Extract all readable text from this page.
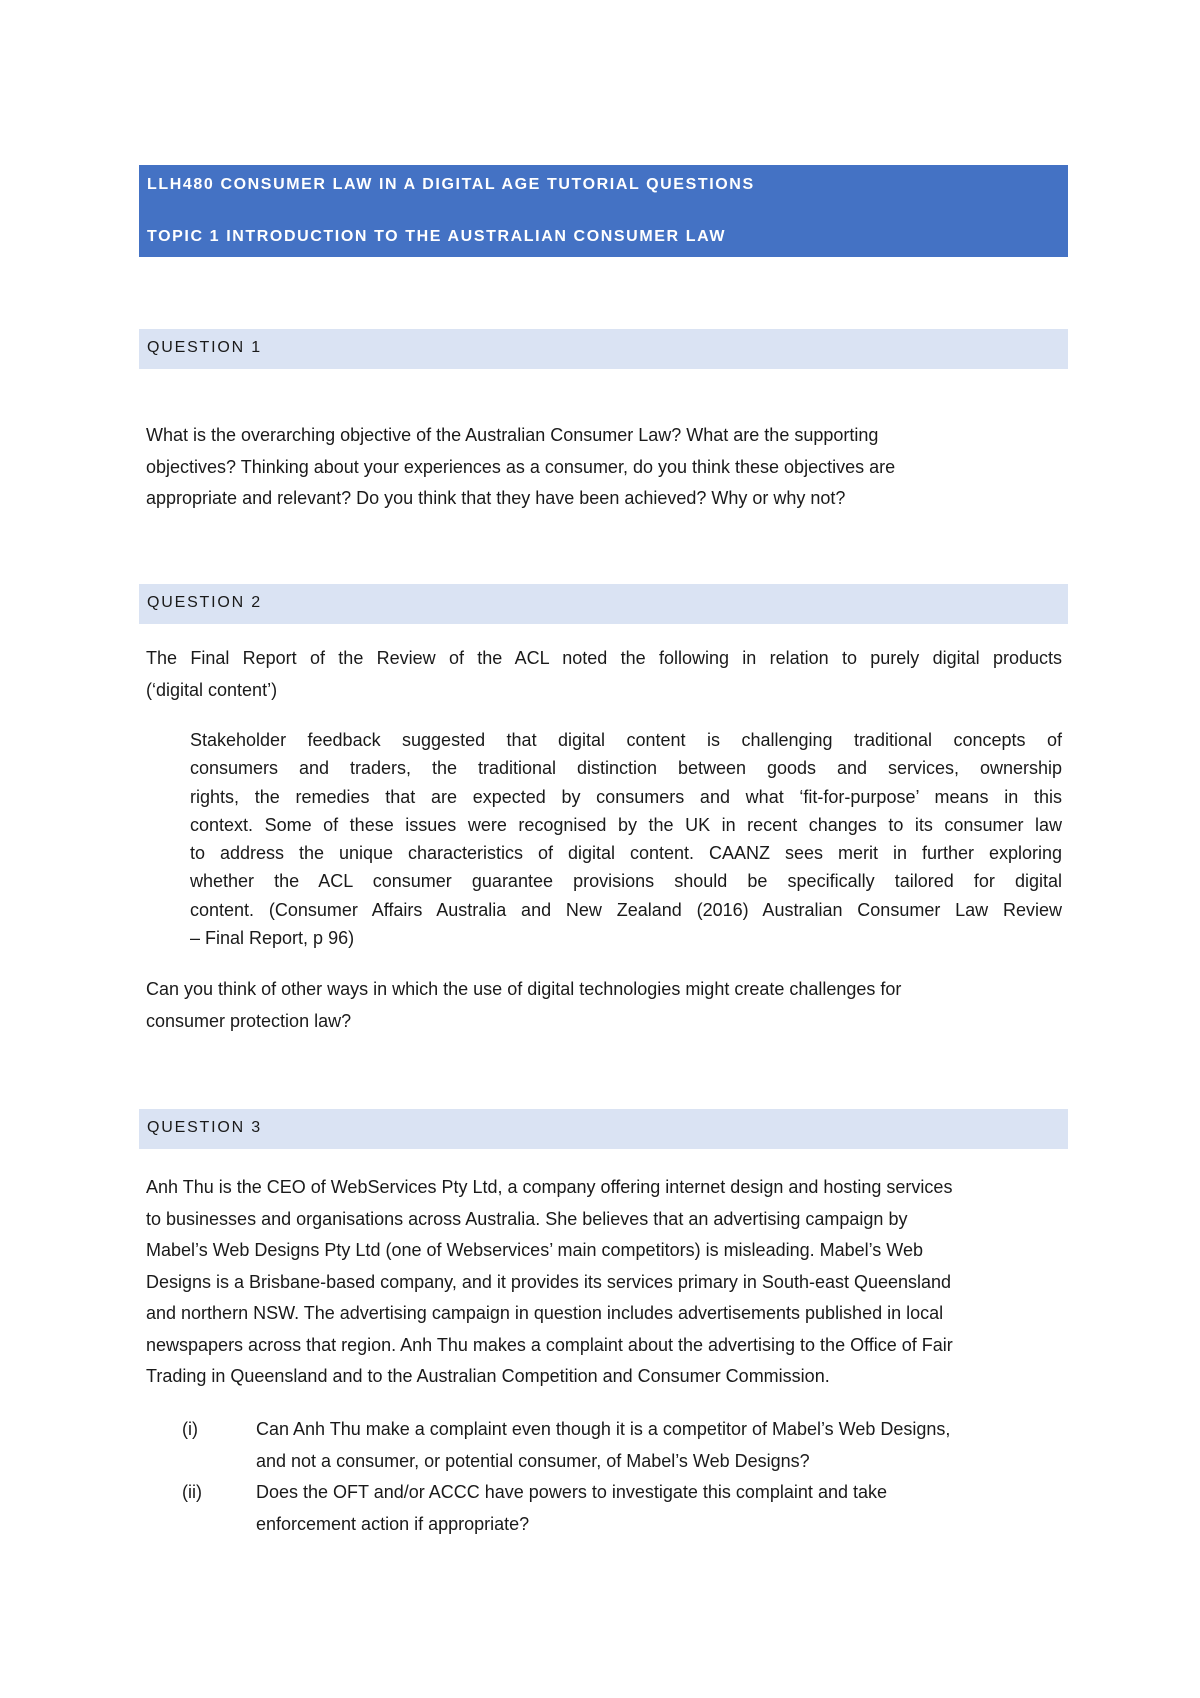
LLH480 CONSUMER LAW IN A DIGITAL AGE TUTORIAL QUESTIONS
TOPIC 1 INTRODUCTION TO THE AUSTRALIAN CONSUMER LAW
QUESTION 1
What is the overarching objective of the Australian Consumer Law? What are the supporting
objectives? Thinking about your experiences as a consumer, do you think these objectives are
appropriate and relevant? Do you think that they have been achieved? Why or why not?
QUESTION 2
The Final Report of the Review of the ACL noted the following in relation to purely digital products
(‘digital content’)
Stakeholder feedback suggested that digital content is challenging traditional concepts of
consumers and traders, the traditional distinction between goods and services, ownership
rights, the remedies that are expected by consumers and what ‘fit-for-purpose’ means in this
context. Some of these issues were recognised by the UK in recent changes to its consumer law
to address the unique characteristics of digital content. CAANZ sees merit in further exploring
whether the ACL consumer guarantee provisions should be specifically tailored for digital
content. (Consumer Affairs Australia and New Zealand (2016) Australian Consumer Law Review
– Final Report, p 96)
Can you think of other ways in which the use of digital technologies might create challenges for
consumer protection law?
QUESTION 3
Anh Thu is the CEO of WebServices Pty Ltd, a company offering internet design and hosting services
to businesses and organisations across Australia. She believes that an advertising campaign by
Mabel’s Web Designs Pty Ltd (one of Webservices’ main competitors) is misleading. Mabel’s Web
Designs is a Brisbane-based company, and it provides its services primary in South-east Queensland
and northern NSW. The advertising campaign in question includes advertisements published in local
newspapers across that region. Anh Thu makes a complaint about the advertising to the Office of Fair
Trading in Queensland and to the Australian Competition and Consumer Commission.
(i)	Can Anh Thu make a complaint even though it is a competitor of Mabel’s Web Designs,
and not a consumer, or potential consumer, of Mabel’s Web Designs?
(ii)	Does the OFT and/or ACCC have powers to investigate this complaint and take
enforcement action if appropriate?
